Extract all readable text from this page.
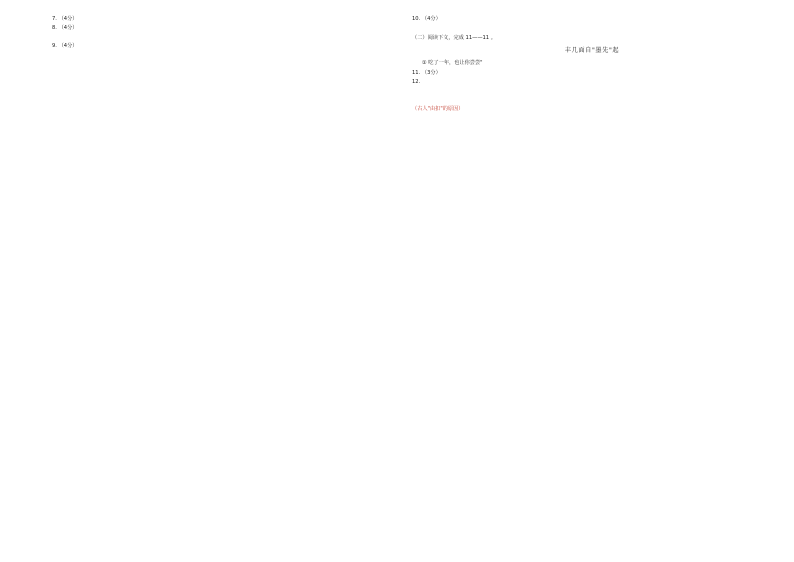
7. （4分）
8. （4分）
9. （4分）
10. （4分）
（二）阅读下文，完成 11——11 。
丰几面自"墨先"起
① 吃了一年，也让你尝尝"
11. （3分）
12.
（古人"由扣"的原因）
